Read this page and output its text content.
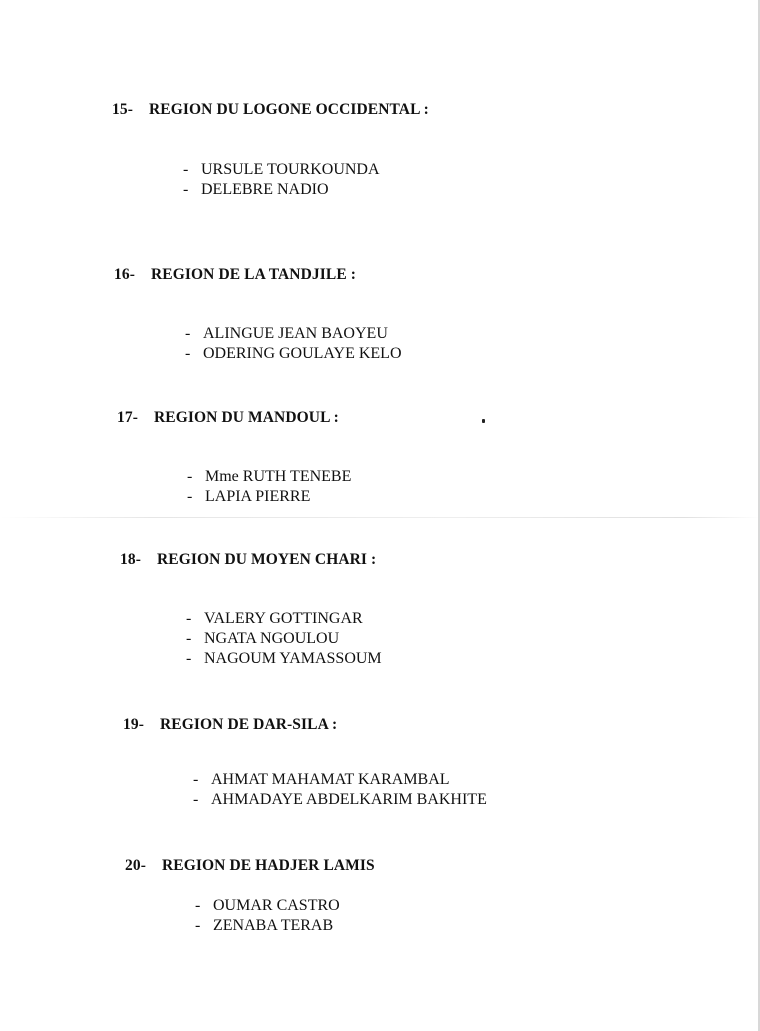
15- REGION DU LOGONE OCCIDENTAL :
- URSULE TOURKOUNDA
- DELEBRE NADIO
16- REGION DE LA TANDJILE :
- ALINGUE JEAN BAOYEU
- ODERING GOULAYE KELO
17- REGION DU MANDOUL :
- Mme RUTH TENEBE
- LAPIA PIERRE
18- REGION DU MOYEN CHARI :
- VALERY GOTTINGAR
- NGATA NGOULOU
- NAGOUM YAMASSOUM
19- REGION DE DAR-SILA :
- AHMAT MAHAMAT KARAMBAL
- AHMADAYE ABDELKARIM BAKHITE
20- REGION DE HADJER LAMIS
- OUMAR CASTRO
- ZENABA TERAB
